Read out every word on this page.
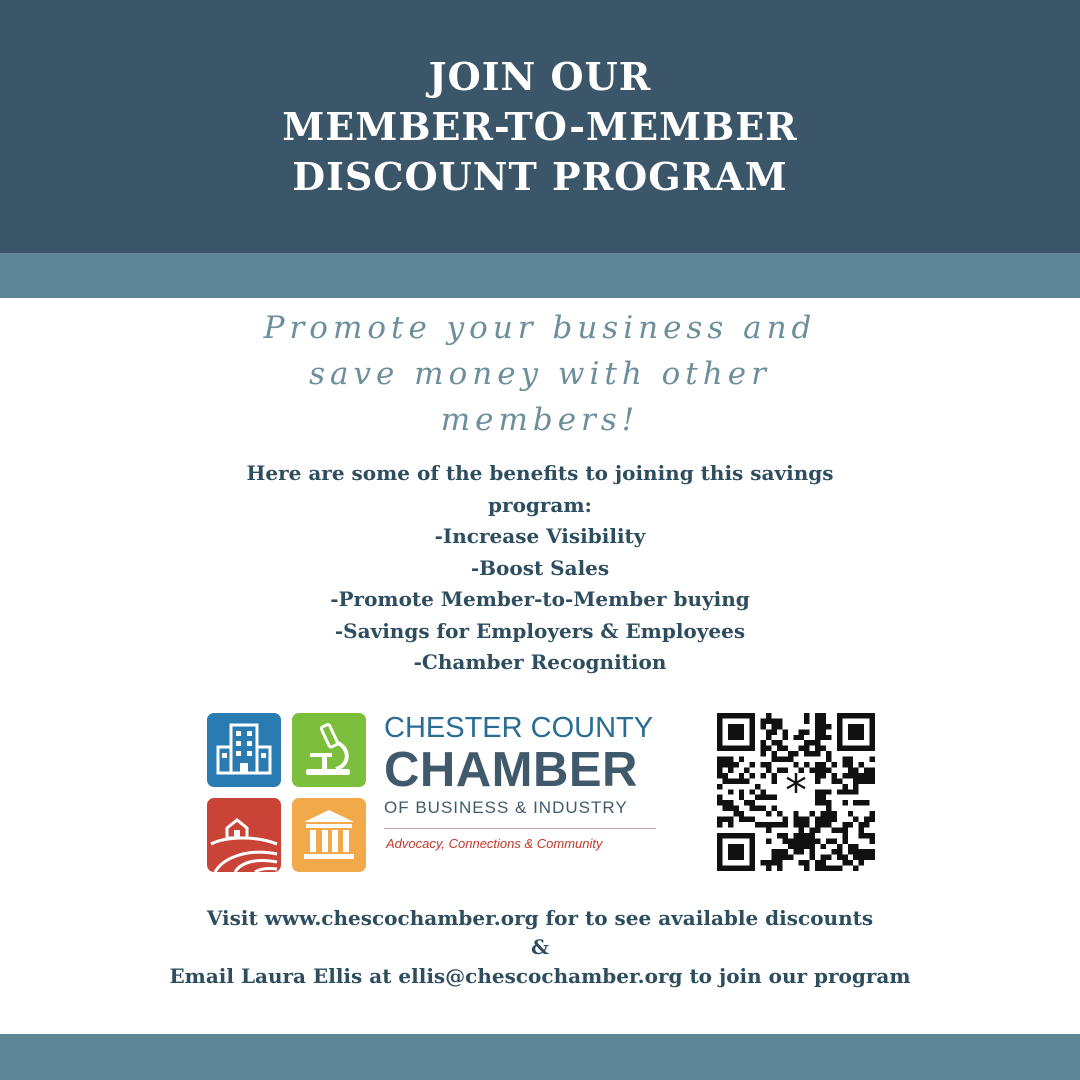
JOIN OUR
MEMBER-TO-MEMBER
DISCOUNT PROGRAM
Promote your business and
save money with other
members!
Here are some of the benefits to joining this savings
program:
-Increase Visibility
-Boost Sales
-Promote Member-to-Member buying
-Savings for Employers & Employees
-Chamber Recognition
CHESTER COUNTY
CHAMBER
OF BUSINESS & INDUSTRY
Advocacy, Connections & Community
*
Visit www.chescochamber.org for to see available discounts
&
Email Laura Ellis at ellis@chescochamber.org to join our program
